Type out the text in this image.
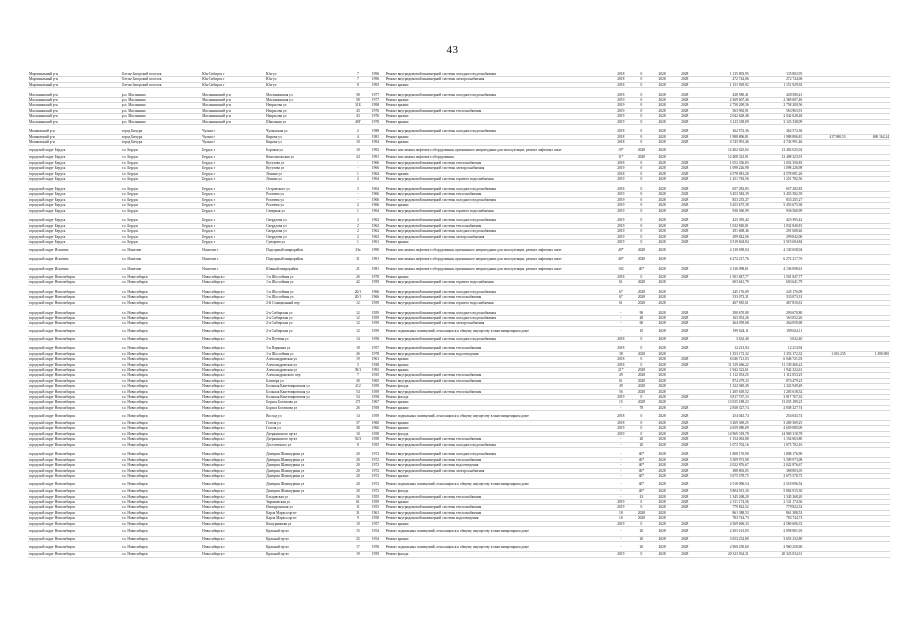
43
Маргинальный р-н	Олтон-Загорский поселок	Юн-Сибирск г	Юн-ул	7	1996	Ремонт внутридомовой инженерной системы холодного водоснабжения	2018	0	2028	2028	1 135 803,95	135 803,95		
Маргинальный р-н	Олтон-Загорский поселок	Юн-Сибирск г	Юн-ул	7	1996	Ремонт внутридомовой инженерной системы электроснабжения	2018	0	2028	2028	272 744,06	272 744,06		
Маргинальный р-н	Олтон-Загорский поселок	Юн-Сибирск г	Юн-ул	8	1993	Ремонт крыши	2018	0	2028	2028	1 151 929,92	1 151 929,92		

Маслянинский р-н	р.п. Маслянино	Маслянинский р-н	Маслянинская ул	58	1977	Ремонт внутридомовой инженерной системы холодного водоснабжения	2018	0	2028	2028	428 580,41	428 580,41		
Маслянинский р-н	р.п. Маслянино	Маслянинский р-н	Маслянинская ул	58	1977	Ремонт крыши	2019	0	2028	2028	2 369 607,46	2 369 607,46		
Маслянинский р-н	р.п. Маслянино	Маслянинский р-н	Некрасова ул	31Б	1998	Ремонт крыши	2019	0	2028	2028	2 758 200,56	2 758 200,56		
Маслянинский р-н	р.п. Маслянино	Маслянинский р-н	Некрасова ул	43	1976	Ремонт внутридомовой инженерной системы теплоснабжения	2019	0	2028	2028	563 963,91	563 963,91		
Маслянинский р-н	р.п. Маслянино	Маслянинский р-н	Некрасова ул	43	1976	Ремонт крыши	2019	0	2028	2028	2 042 628,48	2 042 628,48		
Маслянинский р-н	р.п. Маслянино	Маслянинский р-н	Школьная ул	40Г	1978	Ремонт крыши	2019	0	2028	2028	3 123 338,09	3 123 338,09		

Мошковский р-н	город Бичура	Чулым г	Чулымская ул	2	1988	Ремонт внутридомовой инженерной системы холодного водоснабжения	2018	0	2028	2028	362 572,36	362 572,36		
Мошковский р-н	город Бичура	Чулым г	Кирова ул	4	1981	Ремонт крыши	2018	0	2028	2028	1 988 806,81	1 988 806,81	417 980,53	690 162,24
Мошковский р-н	город Бичура	Чулым г	Кирова ул	10	1994	Ремонт крыши	2018	0	2028	2028	4 743 991,46	4 743 991,46		
городской округ Бердск	г.о. Бердск	Бердск г	Боровая ул	10	1992	Ремонт или замена лифтового оборудования, признанного непригодным для эксплуатации, ремонт лифтовых шахт	10*	2028	2028		12 402 025,02	12 402 025,02		
городской округ Бердск	г.о. Бердск	Бердск г	Комсомольская ул	24	1991	Ремонт или замена лифтового оборудования	11*	2028	2028		12 408 323,91	12 408 323,91		
городской округ Бердск	г.о. Бердск	Бердск г	Кутузова ул	-	1966	Ремонт внутридомовой инженерной системы теплоснабжения	2018	0	2028	2028	1 052 356,83	1 052 356,83		
городской округ Бердск	г.о. Бердск	Бердск г	Кутузова ул	-	1966	Ремонт внутридомовой инженерной системы электроснабжения	2019	0	2028	2028	1 098 226,98	1 098 226,98		
городской округ Бердск	г.о. Бердск	Бердск г	Ленина ул	1	1964	Ремонт крыши	2018	0	2028	2028	4 578 081,26	4 578 081,26		
городской округ Бердск	г.о. Бердск	Бердск г	Ленина ул	2	1964	Ремонт внутридомовой инженерной системы горячего водоснабжения	2019	0	2028	2028	1 251 782,56	1 251 782,56		

городской округ Бердск	г.о. Бердск	Бердск г	Островского ул	5	1964	Ремонт внутридомовой инженерной системы холодного водоснабжения	2018	0	2028	2028	657 282,83	657 282,83		
городской округ Бердск	г.о. Бердск	Бердск г	Рогачева ул	-	1966	Ремонт внутридомовой инженерной системы теплоснабжения	2019	0	2028	2028	3 453 582,39	3 453 582,39		
городской округ Бердск	г.о. Бердск	Бердск г	Рогачева ул	-	1966	Ремонт внутридомовой инженерной системы холодного водоснабжения	2019	0	2028	2028	833 255,27	833 255,27		
городской округ Бердск	г.о. Бердск	Бердск г	Рогачева ул	2	1966	Ремонт крыши	2019	0	2028	2028	5 453 675,38	5 453 675,38		
городской округ Бердск	г.о. Бердск	Бердск г	Северная ул	1	1964	Ремонт внутридомовой инженерной системы горячего водоснабжения	2019	0	2028	2028	936 560,99	936 560,99		

городской округ Бердск	г.о. Бердск	Бердск г	Свердлова ул	2	1962	Ремонт внутридомовой инженерной системы холодного водоснабжения	2019	0	2028	2028	425 395,42	425 395,42		
городской округ Бердск	г.о. Бердск	Бердск г	Свердлова ул	2	1962	Ремонт внутридомовой инженерной системы теплоснабжения	2019	0	2028	2028	1 032 840,81	1 032 840,81		
городской округ Бердск	г.о. Бердск	Бердск г	Свердлова ул	2	1962	Ремонт внутридомовой инженерной системы холодного водоснабжения	2019	0	2028	2028	291 608,46	291 608,46		
городской округ Бердск	г.о. Бердск	Бердск г	Свердлова ул	2	1962	Ремонт внутридомовой инженерной системы электроснабжения	2019	0	2028	2028	299 842,06	299 842,06		
городской округ Бердск	г.о. Бердск	Бердск г	Суворова ул	1	1961	Ремонт крыши	2019	0	2028	2028	3 519 604,84	3 519 604,84		
городской округ Искитим	г.о. Искитим	Искитим г	Подгорный микрорайон	33а	1990	Ремонт или замена лифтового оборудования, признанного непригодным для эксплуатации, ремонт лифтовых шахт	40*	2028	2028		4 130 658,04	4 130 658,04		
городской округ Искитим	г.о. Искитим	Искитим г	Подгорный микрорайон	31	1991	Ремонт или замена лифтового оборудования, признанного непригодным для эксплуатации, ремонт лифтовых шахт	40*	2028	2028		6 272 217,76	6 272 217,76		
городской округ Искитим	г.о. Искитим	Искитим г	Южный микрорайон	21	1981	Ремонт или замена лифтового оборудования, признанного непригодным для эксплуатации, ремонт лифтовых шахт	102	40*	2028	2028	4 136 098,61	4 136 098,61		
городской округ Новосибирск	г.о. Новосибирск	Новосибирск г	1-я Шоссейная ул	26	1978	Ремонт крыши	2018	0	2028	2028	1 501 847,77	1 501 847,77		
городской округ Новосибирск	г.о. Новосибирск	Новосибирск г	1-я Шоссейная ул	42	1959	Ремонт внутридомовой инженерной системы горячего водоснабжения	61	2028	2028		603 641,79	603 641,79		

городской округ Новосибирск	г.о. Новосибирск	Новосибирск г	1-я Шоссейная ул	20/1	1966	Ремонт внутридомовой инженерной системы холодного водоснабжения	67	2028	2028		245 176,09	245 176,09		
городской округ Новосибирск	г.о. Новосибирск	Новосибирск г	1-я Шоссейная ул	20/1	1966	Ремонт внутридомовой инженерной системы теплоснабжения	67	2028	2028		333 073,31	333 073,31		
городской округ Новосибирск	г.о. Новосибирск	Новосибирск г	2-й Станционный пер	12	1959	Ремонт внутридомовой инженерной системы горячего водоснабжения	61	2028	2028		467 810,61	467 810,61		

городской округ Новосибирск	г.о. Новосибирск	Новосибирск г	2-я Сибирская ул	12	1959	Ремонт внутридомовой инженерной системы холодного водоснабжения	-	90	2028	2028	290 670,80	290 670,80		
городской округ Новосибирск	г.о. Новосибирск	Новосибирск г	2-я Сибирская ул	12	1959	Ремонт внутридомовой инженерной системы холодного водоснабжения	-	48	2028	2028	163 052,26	163 052,26		
городской округ Новосибирск	г.о. Новосибирск	Новосибирск г	2-я Сибирская ул	12	1959	Ремонт внутридомовой инженерной системы электроснабжения	-	60	2028	2028	264 059,68	264 059,68		
городской округ Новосибирск	г.о. Новосибирск	Новосибирск г	2-я Сибирская ул	12	1959	Ремонт подвальных помещений, относящихся к общему имуществу в многоквартирном доме	-	10	2028	2028	199 624,11	199 624,11		
городской округ Новосибирск	г.о. Новосибирск	Новосибирск г	2-я Путевая ул	14	1958	Ремонт внутридомовой инженерной системы холодного водоснабжения	2018	0	2028	2028	3 632,40	3 632,40		

городской округ Новосибирск	г.о. Новосибирск	Новосибирск г	3-я Парковая ул	18	1957	Ремонт внутридомовой инженерной системы теплоснабжения	2018	0	2028	2028	12 213,94	12 213,94		
городской округ Новосибирск	г.о. Новосибирск	Новосибирск г	1-я Шоссейная ул	26	1978	Ремонт внутридомовой инженерной системы водоотведения	38	2028	2028		1 353 172,32	1 353 172,32	1 016 235	1 490 000
городской округ Новосибирск	г.о. Новосибирск	Новосибирск г	Александровская ул	19	1961	Ремонт крыши	2018	0	2028	2028	6 046 721,03	6 046 721,03		
городской округ Новосибирск	г.о. Новосибирск	Новосибирск г	Александровская ул	5	1938	Ремонт крыши	2018	0	2028	2028	11 139 466,22	11 139 466,22		
городской округ Новосибирск	г.о. Новосибирск	Новосибирск г	Александровская ул	39/1	1993	Ремонт крыши	21*	2028	2028		1 942 322,61	1 942 322,61		
городской округ Новосибирск	г.о. Новосибирск	Новосибирск г	Александровского пер	7	1935	Ремонт внутридомовой инженерной системы теплоснабжения	49	2028	2028		1 112 053,25	1 112 053,25		
городской округ Новосибирск	г.о. Новосибирск	Новосибирск г	Блюхера ул	30	1965	Ремонт внутридомовой инженерной системы теплоснабжения	61	2028	2028		874 479,23	874 479,23		
городской округ Новосибирск	г.о. Новосибирск	Новосибирск г	Большая Кантемировская ул	212	1959	Ремонт фасада	49	2028	2028		1 322 949,49	1 322 949,49		
городской округ Новосибирск	г.о. Новосибирск	Новосибирск г	Большая Кантемировская ул	54	1959	Ремонт внутридомовой инженерной системы теплоснабжения	56	2028	2028		1 205 618,52	1 205 618,52		
городской округ Новосибирск	г.о. Новосибирск	Новосибирск г	Большая Кантемировская ул	54	1958	Ремонт фасада	2019	0	2028	2028	3 817 767,33	3 817 767,33		
городской округ Новосибирск	г.о. Новосибирск	Новосибирск г	Бориса Богаткова ул	171	1967	Ремонт крыши	15	2028	2028		13 035 189,23	13 035 189,23		
городской округ Новосибирск	г.о. Новосибирск	Новосибирск г	Бориса Богаткова ул	26	1958	Ремонт крыши	-	78	2028	2028	2 838 327,74	2 838 327,74		
городской округ Новосибирск	г.о. Новосибирск	Новосибирск г	Восход ул	14	1959	Ремонт подвальных помещений, относящихся к общему имуществу в многоквартирном доме	2018	0	2028	2028	254 043,74	254 043,74		
городской округ Новосибирск	г.о. Новосибирск	Новосибирск г	Гоголя ул	37	1960	Ремонт крыши	2018	0	2028	2028	3 269 369,25	3 269 369,25		
городской округ Новосибирск	г.о. Новосибирск	Новосибирск г	Гоголя ул	38	1960	Ремонт крыши	2019	0	2028	2028	4 659 080,09	4 659 080,09		
городской округ Новосибирск	г.о. Новосибирск	Новосибирск г	Дзержинского пр-кт	10	1958	Ремонт фасада	2019	0	2028	2028	14 969 318,78	14 969 318,78		
городской округ Новосибирск	г.о. Новосибирск	Новосибирск г	Дзержинского пр-кт	35/3	1958	Ремонт внутридомовой инженерной системы теплоснабжения	-	20	2028	2028	1 154 063,80	1 154 063,80		
городской округ Новосибирск	г.о. Новосибирск	Новосибирск г	Достоевского ул	8	1955	Ремонт внутридомовой инженерной системы холодного водоснабжения	-	20	2028	2028	1 073 702,16	1 073 702,16		

городской округ Новосибирск	г.о. Новосибирск	Новосибирск г	Дмитрия Шамшурина ул	20	1972	Ремонт внутридомовой инженерной системы холодного водоснабжения	-	40*	2028	2028	1 808 176,90	1 808 176,90		
городской округ Новосибирск	г.о. Новосибирск	Новосибирск г	Дмитрия Шамшурина ул	20	1972	Ремонт внутридомовой инженерной системы теплоснабжения	-	40*	2028	2028	3 509 973,08	3 509 973,08		
городской округ Новосибирск	г.о. Новосибирск	Новосибирск г	Дмитрия Шамшурина ул	20	1972	Ремонт внутридомовой инженерной системы водоотведения	-	40*	2028	2028	2 022 876,67	2 022 876,67		
городской округ Новосибирск	г.о. Новосибирск	Новосибирск г	Дмитрия Шамшурина ул	20	1972	Ремонт внутридомовой инженерной системы электроснабжения	-	40*	2028	2028	388 803,05	388 803,05		
городской округ Новосибирск	г.о. Новосибирск	Новосибирск г	Дмитрия Шамшурина ул	20	1972	Ремонт крыши	-	40*	2028	2028	3 675 578,75	3 675 578,75		
городской округ Новосибирск	г.о. Новосибирск	Новосибирск г	Дмитрия Шамшурина ул	20	1972	Ремонт подвальных помещений, относящихся к общему имуществу в многоквартирном доме	-	40*	2028	2028	2 518 096,54	2 518 096,54		
городской округ Новосибирск	г.о. Новосибирск	Новосибирск г	Дмитрия Шамшурина ул	20	1972	Ремонт фасада	-	40*	2028	2028	5 804 915,30	5 804 915,30		
городской округ Новосибирск	г.о. Новосибирск	Новосибирск г	Ельцовская ул	16	1955	Ремонт внутридомовой инженерной системы теплоснабжения	-	43	2028	2028	1 345 268,20	1 345 268,20		
городской округ Новосибирск	г.о. Новосибирск	Новосибирск г	Зыряновская ул	61	1959	Ремонт крыши	2019	0	2028	2028	2 131 174,36	2 131 174,36		
городской округ Новосибирск	г.о. Новосибирск	Новосибирск г	Ипподромская ул	11	1955	Ремонт внутридомовой инженерной системы теплоснабжения	2019	0	2028	2028	779 822,52	779 822,52		
городской округ Новосибирск	г.о. Новосибирск	Новосибирск г	Карла Маркса пр-кт	31	1961	Ремонт внутридомовой инженерной системы теплоснабжения	18	2028	2028		861 388,53	861 388,53		
городской округ Новосибирск	г.о. Новосибирск	Новосибирск г	Карла Маркса пр-кт	9	1958	Ремонт внутридомовой инженерной системы водоотведения	16	2028	2028		783 744,73	783 744,73		
городской округ Новосибирск	г.о. Новосибирск	Новосибирск г	Кошурникова ул	10	1957	Ремонт крыши	2019	0	2028	2028	4 569 606,33	4 569 606,33		
городской округ Новосибирск	г.о. Новосибирск	Новосибирск г	Красный пр-кт	15	1954	Ремонт подвальных помещений, относящихся к общему имуществу в многоквартирном доме	-	20	2028	2028	2 203 161,03	2 058 801,03		
городской округ Новосибирск	г.о. Новосибирск	Новосибирск г	Красный пр-кт	25	1954	Ремонт крыши	-	20	2028	2028	3 653 232,80	3 653 232,80		
городской округ Новосибирск	г.о. Новосибирск	Новосибирск г	Красный пр-кт	17	1958	Ремонт подвальных помещений, относящихся к общему имуществу в многоквартирном доме	-	20	2028	2028	2 960 250,60	2 960 250,60		
городской округ Новосибирск	г.о. Новосибирск	Новосибирск г	Красный пр-кт	19	1959	Ремонт фасада	2019	0	2028	2028	20 323 034,31	20 323 034,31		
